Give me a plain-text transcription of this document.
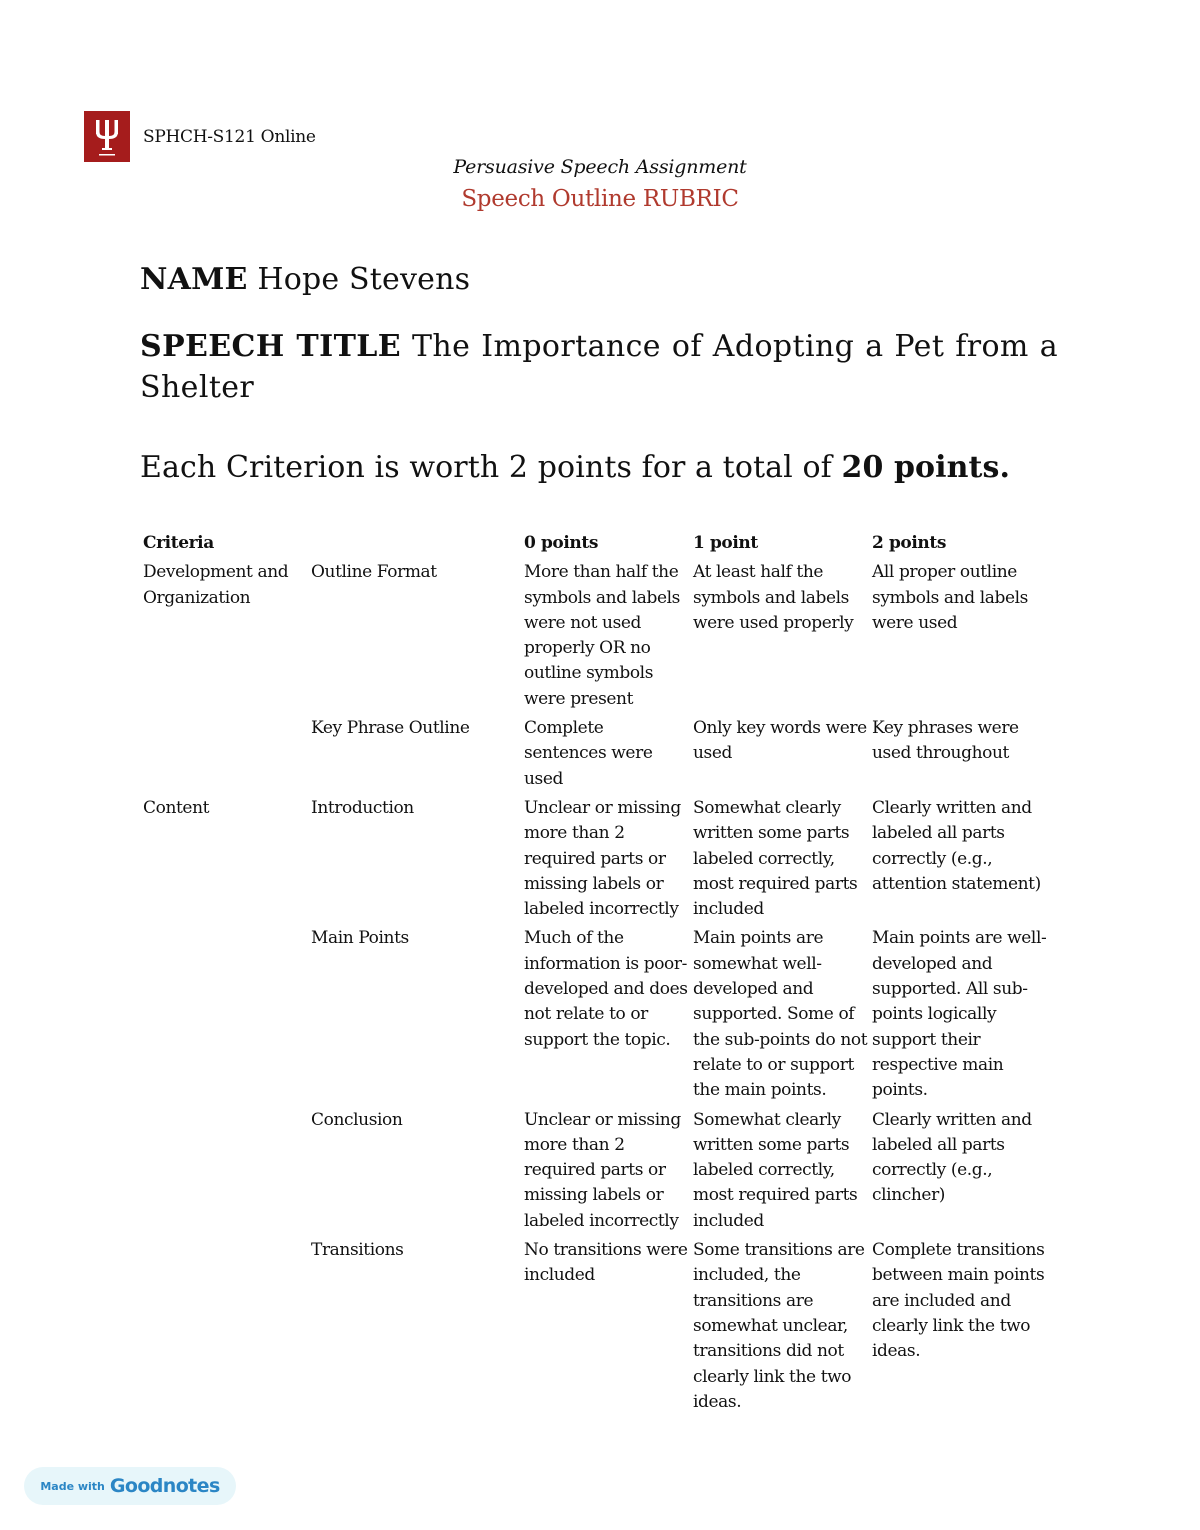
SPHCH-S121 Online
Persuasive Speech Assignment
Speech Outline RUBRIC
NAME Hope Stevens
SPEECH TITLE The Importance of Adopting a Pet from a Shelter
Each Criterion is worth 2 points for a total of 20 points.
Criteria		0 points	1 point	2 points
Development and Organization	Outline Format	More than half the symbols and labels were not used properly OR no outline symbols were present	At least half the symbols and labels were used properly	All proper outline symbols and labels were used
	Key Phrase Outline	Complete sentences were used	Only key words were used	Key phrases were used throughout
Content	Introduction	Unclear or missing more than 2 required parts or missing labels or labeled incorrectly	Somewhat clearly written some parts labeled correctly, most required parts included	Clearly written and labeled all parts correctly (e.g., attention statement)
	Main Points	Much of the information is poor-developed and does not relate to or support the topic.	Main points are somewhat well-developed and supported. Some of the sub-points do not relate to or support the main points.	Main points are well-developed and supported. All sub-points logically support their respective main points.
	Conclusion	Unclear or missing more than 2 required parts or missing labels or labeled incorrectly	Somewhat clearly written some parts labeled correctly, most required parts included	Clearly written and labeled all parts correctly (e.g., clincher)
	Transitions	No transitions were included	Some transitions are included, the transitions are somewhat unclear, transitions did not clearly link the two ideas.	Complete transitions between main points are included and clearly link the two ideas.
Made with Goodnotes
